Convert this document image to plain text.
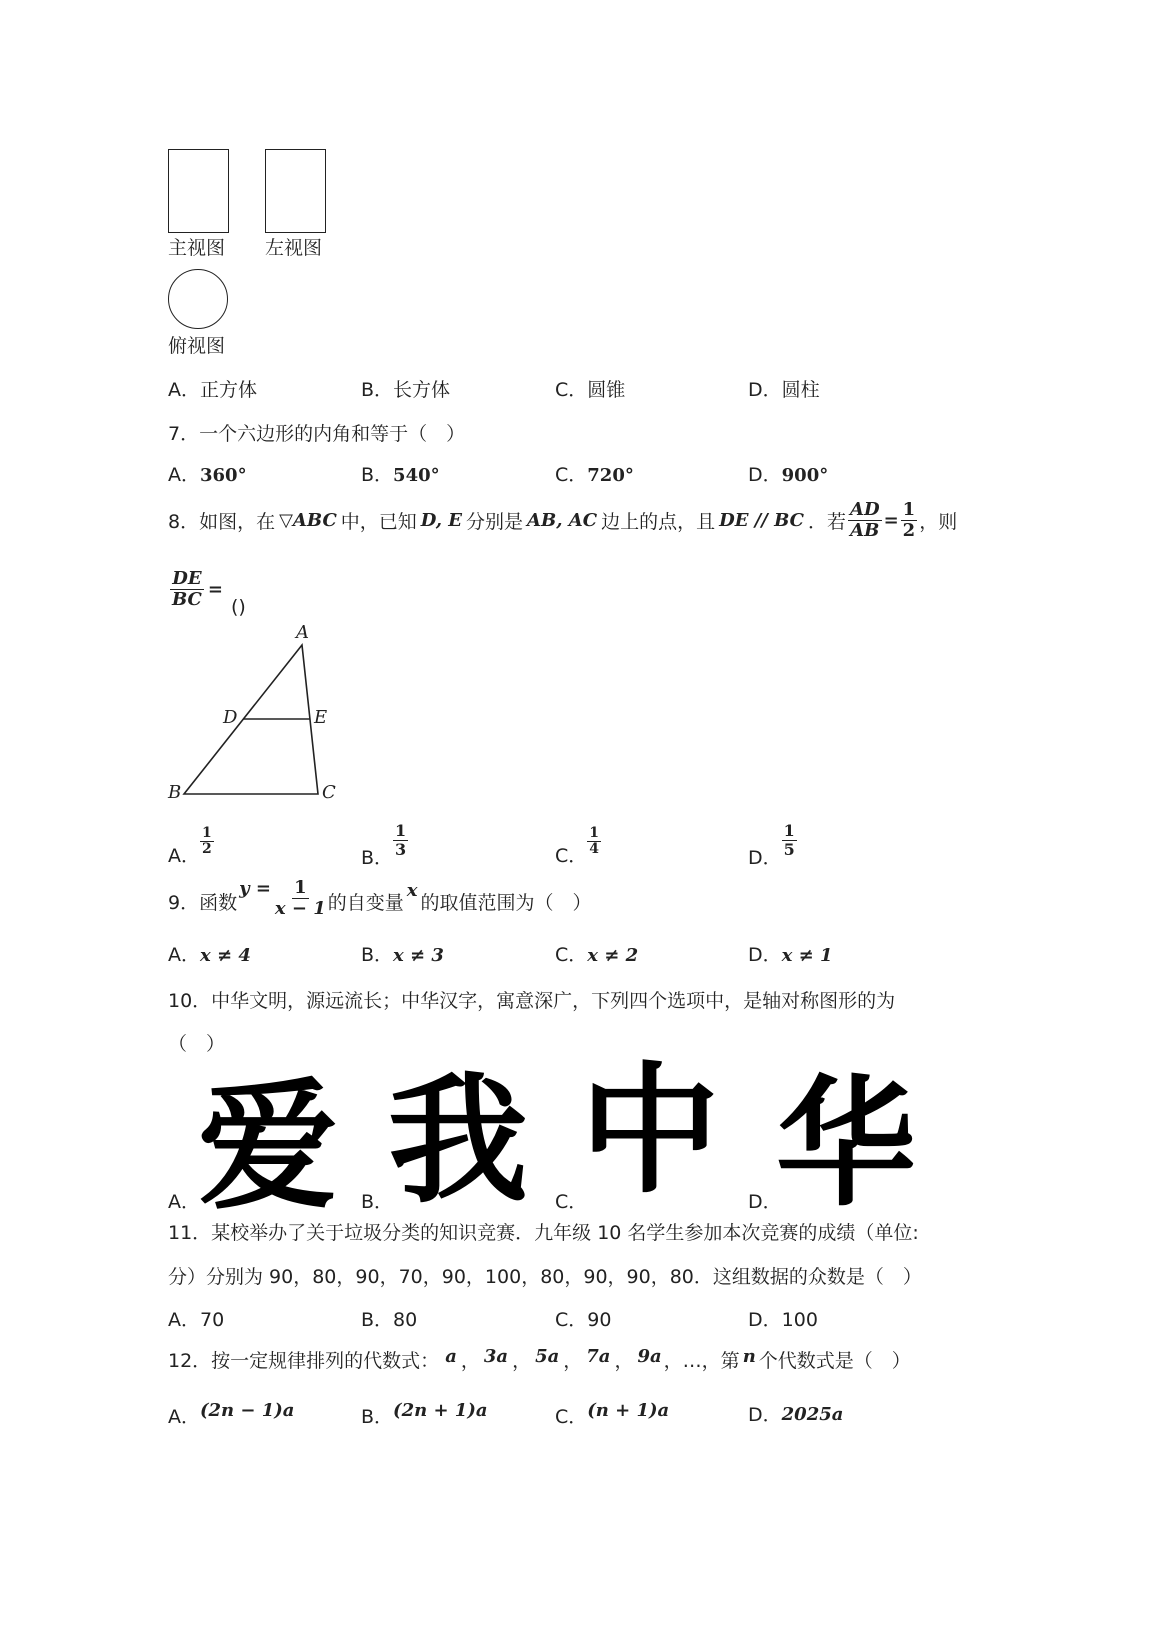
主视图 左视图
俯视图
A．正方体	B．长方体	C．圆锥	D．圆柱
7．一个六边形的内角和等于（　）
A．360°	B．540°	C．720°	D．900°
8．如图，在 ▽ABC 中，已知 D, E 分别是 AB, AC 边上的点，且 DE // BC ．若 $\frac{AD}{AB} = \frac{1}{2}$ ，则
$\frac{DE}{BC}$ =
()
A
D	E
B	C
A． $\frac{1}{2}$
B． $\frac{1}{3}$	C． $\frac{1}{4}$
D． $\frac{1}{5}$
9．函数
$y = \frac{1}{x - 1}$ 的自变量
x
的取值范围为（　）
A．x ≠ 4	B．x ≠ 3	C．x ≠ 2	D．x ≠ 1
10．中华文明，源远流长；中华汉字，寓意深广，下列四个选项中，是轴对称图形的为
（　）
A．
爱 B．
我 C．
中 D．
华
11．某校举办了关于垃圾分类的知识竞赛．九年级 10 名学生参加本次竞赛的成绩（单位:
分）分别为 90，80，90，70，90，100，80，90，90，80．这组数据的众数是（　）
A．70	B．80	C．90	D．100
12．按一定规律排列的代数式： a ， 3a ， 5a ， 7a ， 9a ，…，第 n 个代数式是（　）
A． (2n − 1)a	B． (2n + 1)a	C． (n + 1)a	D． 2025a
